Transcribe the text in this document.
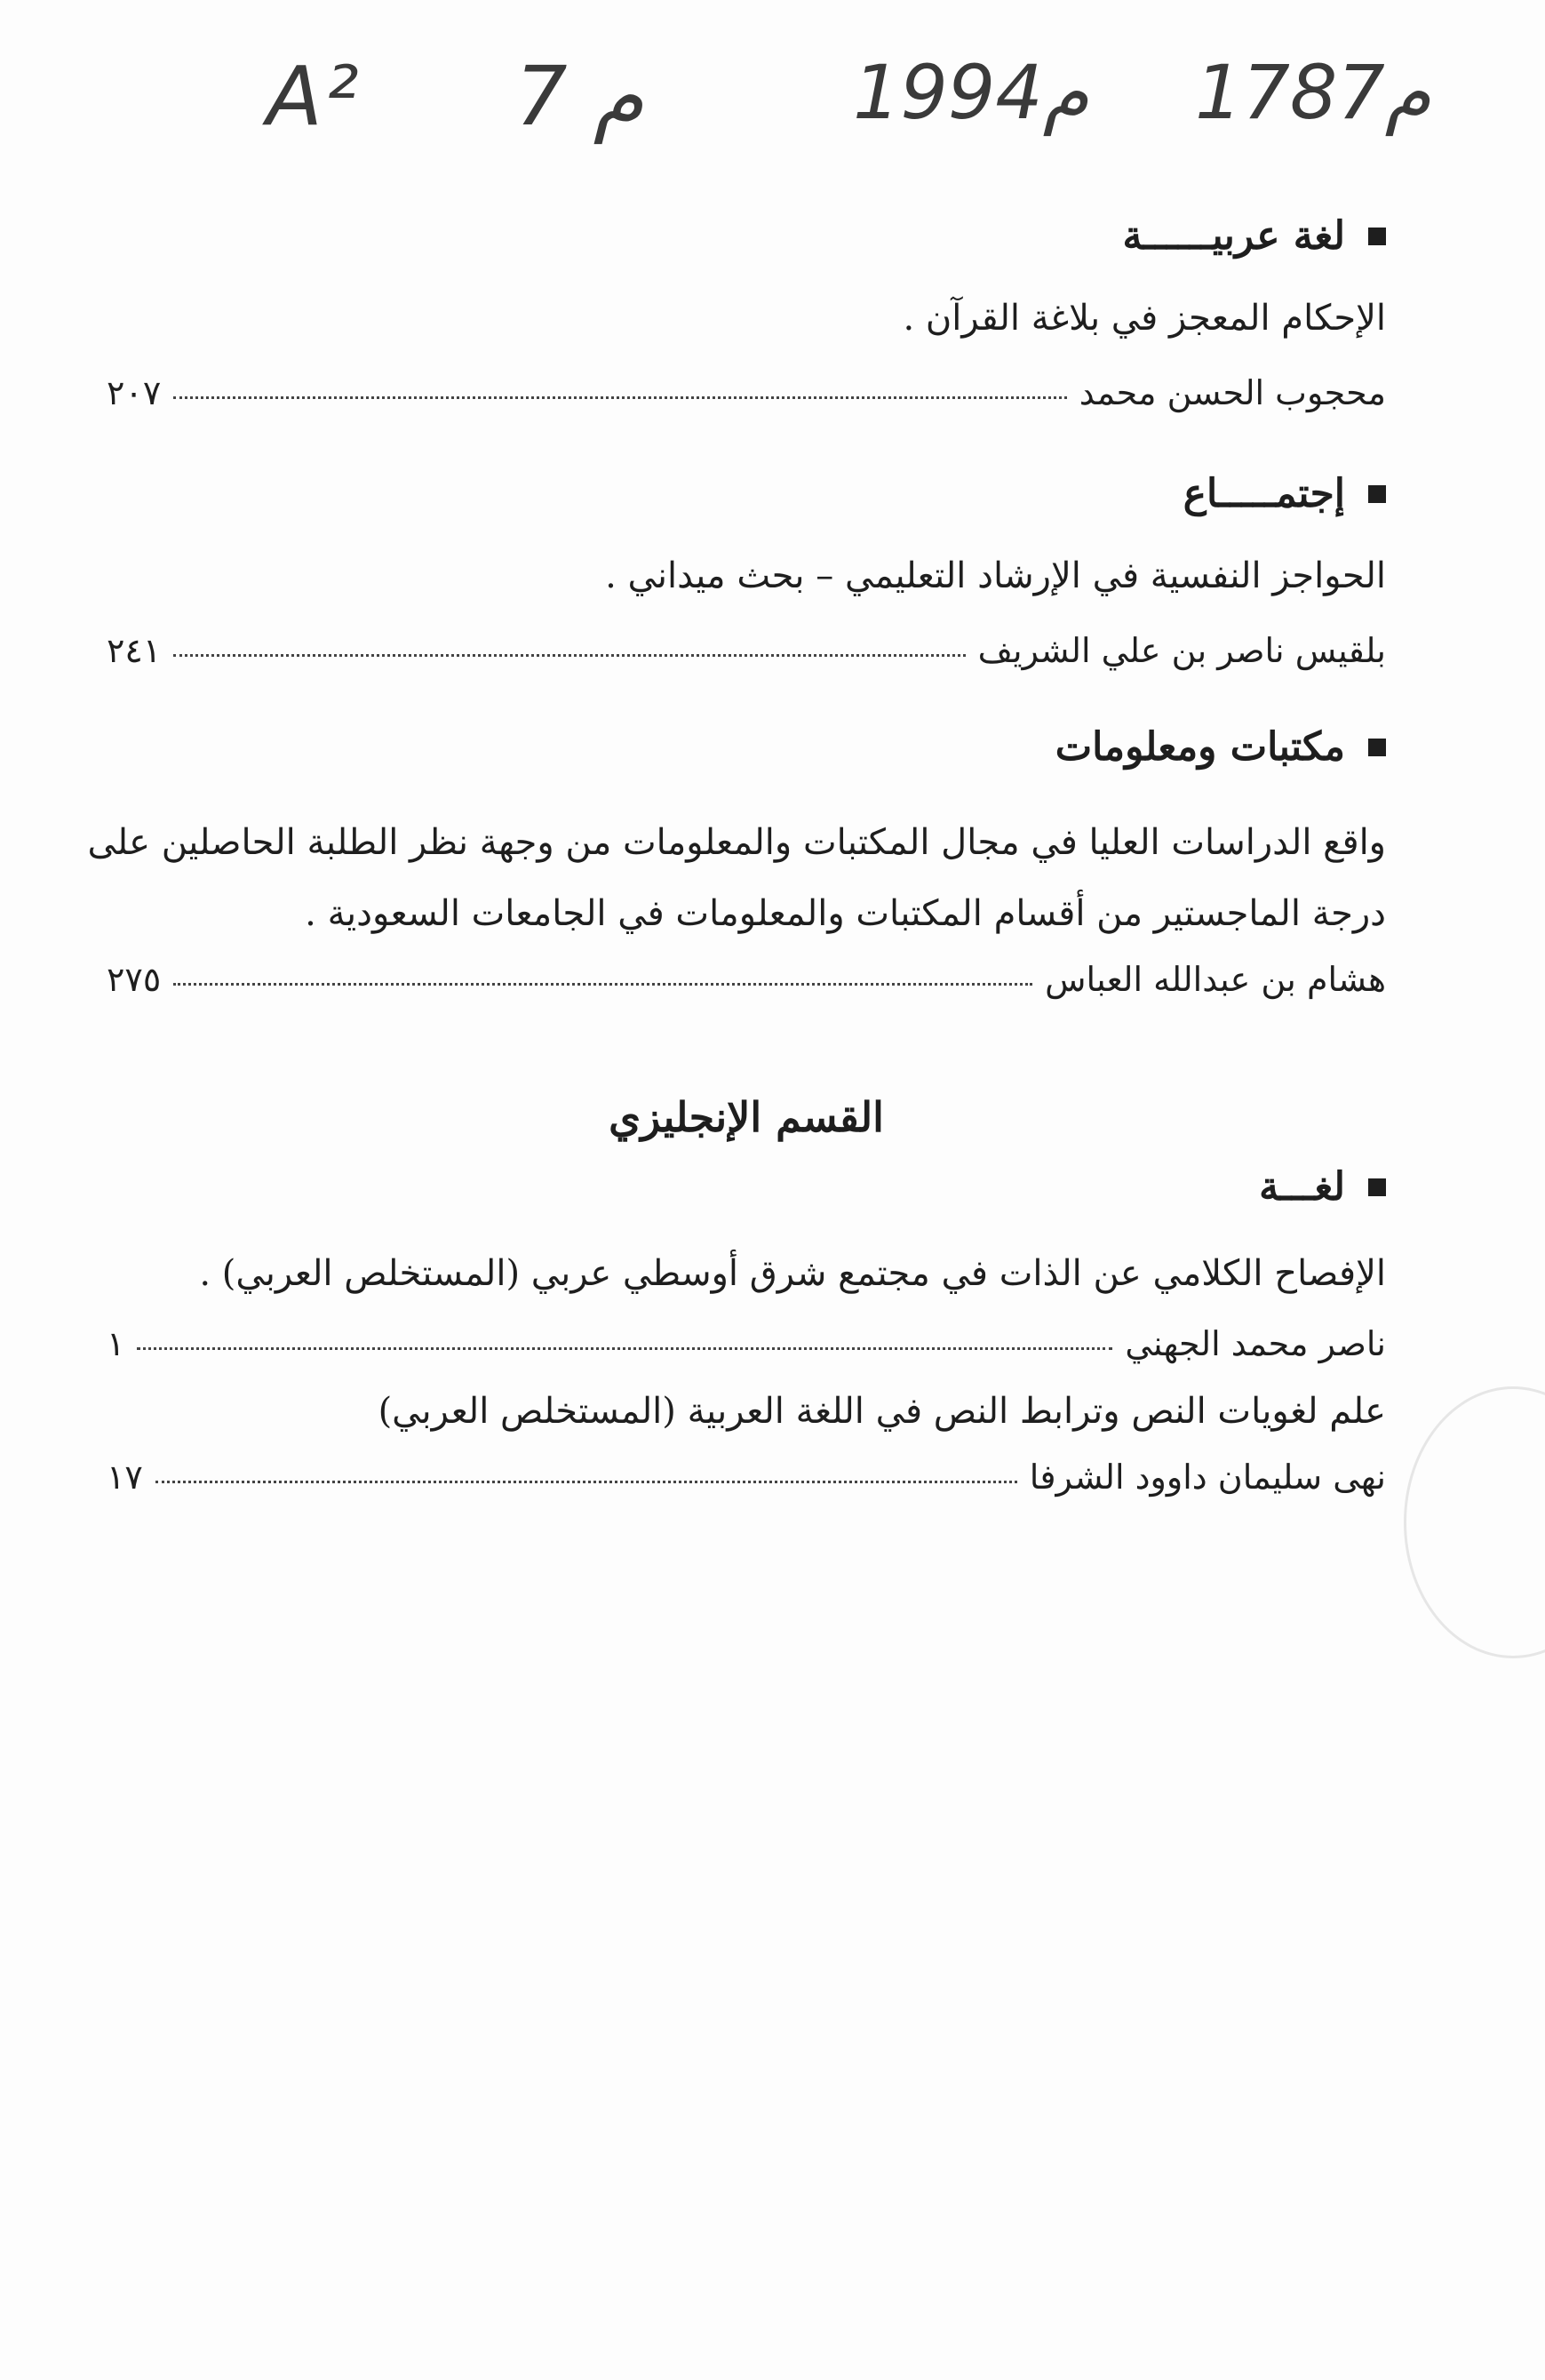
A² 7 م	1994م 1787م
لغة عربيــــــة
الإحكام المعجز في بلاغة القرآن .
محجوب الحسن محمد
٢٠٧
إجتمـــــاع
الحواجز النفسية في الإرشاد التعليمي – بحث ميداني .
بلقيس ناصر بن علي الشريف
٢٤١
مكتبات ومعلومات
واقع الدراسات العليا في مجال المكتبات والمعلومات من وجهة نظر الطلبة الحاصلين على
درجة الماجستير من أقسام المكتبات والمعلومات في الجامعات السعودية .
هشام بن عبدالله العباس
٢٧٥
القسم الإنجليزي
لغـــة
الإفصاح الكلامي عن الذات في مجتمع شرق أوسطي عربي (المستخلص العربي) .
ناصر محمد الجهني
١
علم لغويات النص وترابط النص في اللغة العربية (المستخلص العربي)
نهى سليمان داوود الشرفا
١٧
